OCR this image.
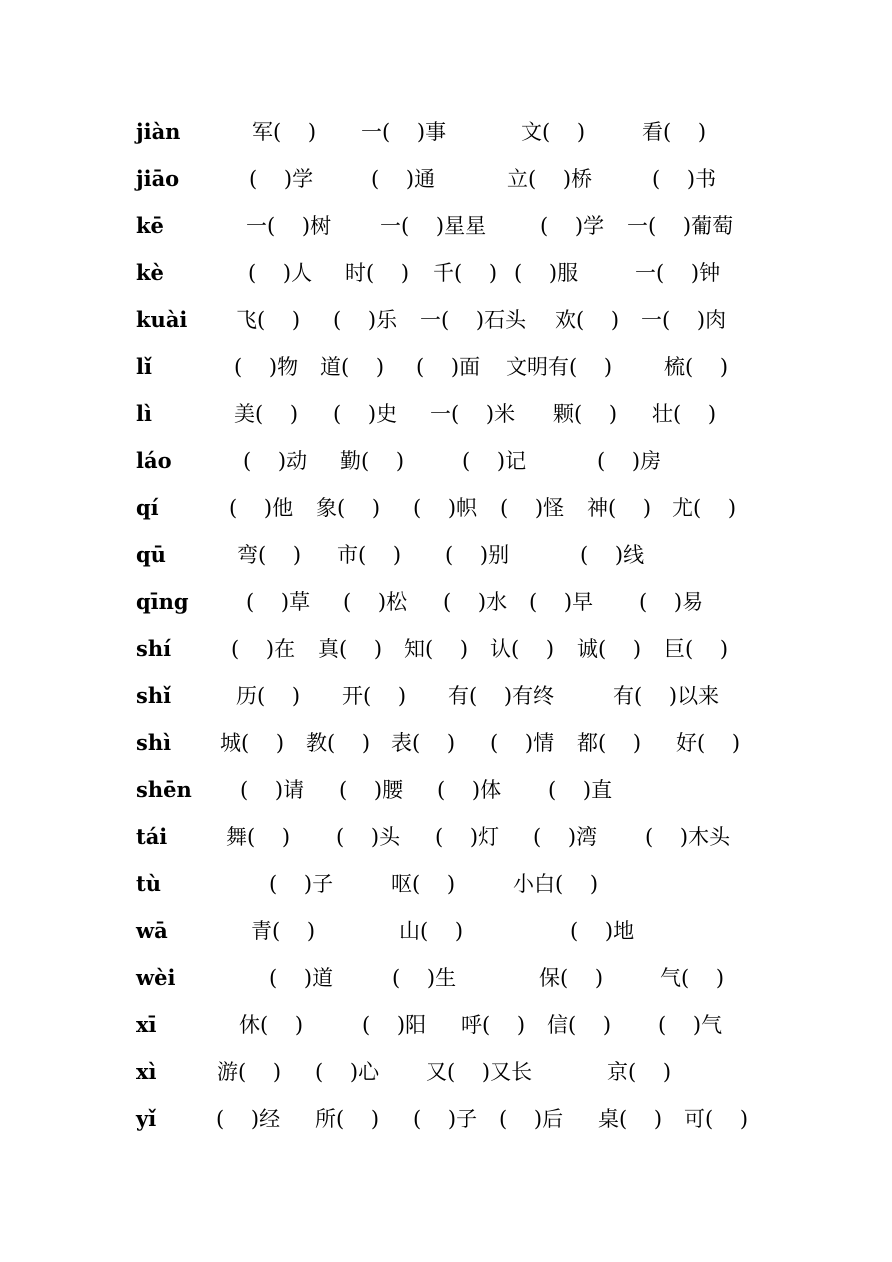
jiàn	军(    ) 一(    )事	文(    )	看(    )
jiāo	(    )学	(    )通	立(    )桥	(    )书
kē	一(    )树 一(    )星星	(    )学 一(    )葡萄
kè	(    )人 时(    ) 千(    ) (    )服	一(    )钟
kuài 飞(    ) (    )乐 一(    )石头 欢(    ) 一(    )肉
lǐ	(    )物 道(    ) (    )面 文明有(    ) 梳(    )
lì	美(    ) (    )史 一(    )米 颗(    ) 壮(    )
láo	(    )动 勤(    )	(    )记	(    )房
qí	(    )他 象(    ) (    )帜 (    )怪 神(    ) 尤(    )
qū	弯(    ) 市(    ) (    )别	(    )线
qīng	(    )草 (    )松 (    )水 (    )早 (    )易
shí	(    )在 真(    ) 知(    ) 认(    ) 诚(    ) 巨(    )
shǐ	历(    ) 开(    ) 有(    )有终	有(    )以来
shì 城(    ) 教(    ) 表(    ) (    )情 都(    ) 好(    )
shēn (    )请 (    )腰 (    )体 (    )直
tái	舞(    ) (    )头 (    )灯 (    )湾 (    )木头
tù	(    )子	呕(    )	小白(    )
wā	青(    )	山(    )	(    )地
wèi	(    )道	(    )生	保(    )	气(    )
xī	休(    )	(    )阳 呼(    ) 信(    ) (    )气
xì	游(    ) (    )心 又(    )又长	京(    )
yǐ	(    )经 所(    ) (    )子 (    )后 桌(    ) 可(    )
